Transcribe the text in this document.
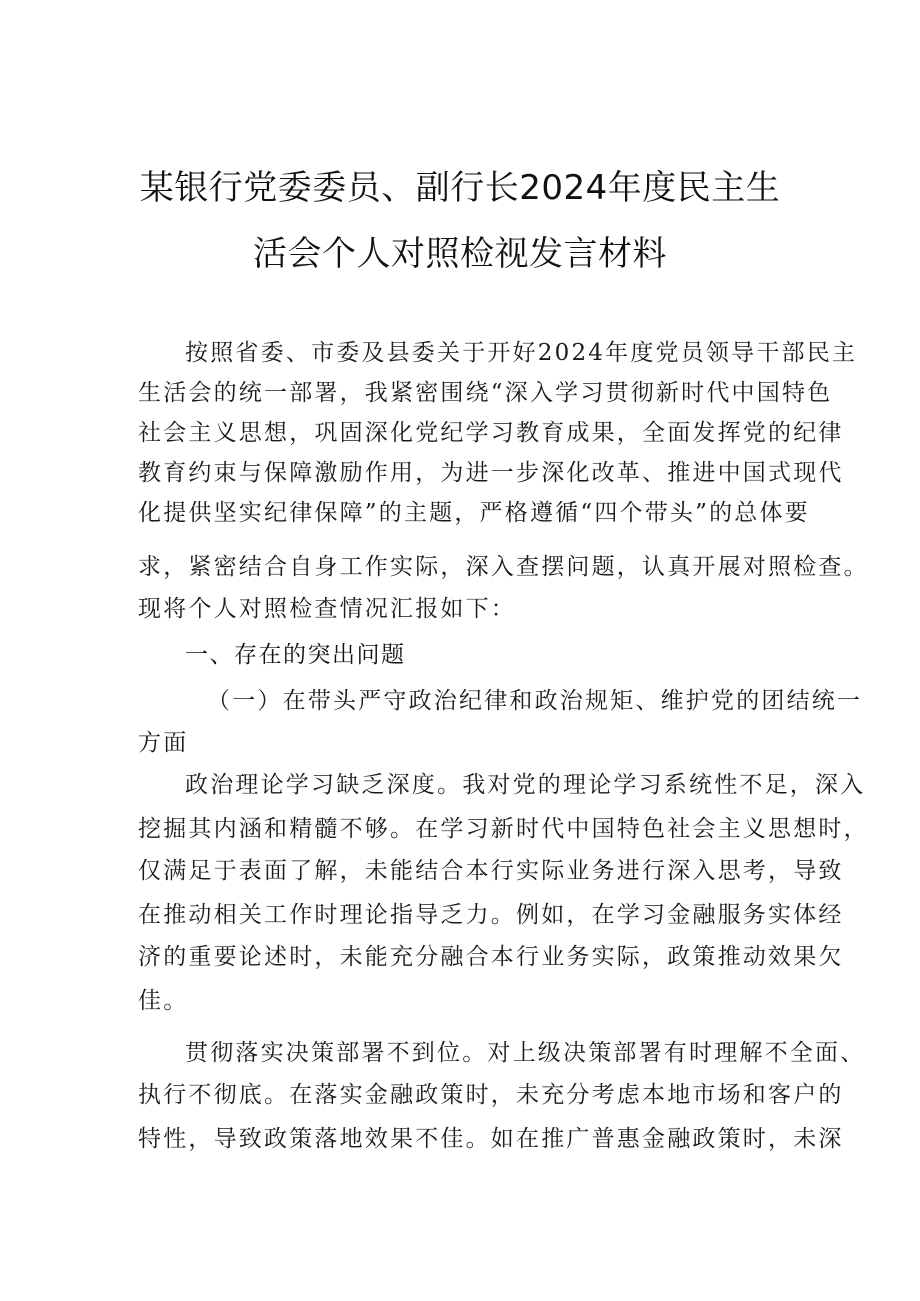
某银行党委委员、副行长2024年度民主生
活会个人对照检视发言材料
按照省委、市委及县委关于开好2024年度党员领导干部民主
生活会的统一部署，我紧密围绕“深入学习贯彻新时代中国特色
社会主义思想，巩固深化党纪学习教育成果，全面发挥党的纪律
教育约束与保障激励作用，为进一步深化改革、推进中国式现代
化提供坚实纪律保障”的主题，严格遵循“四个带头”的总体要
求，紧密结合自身工作实际，深入查摆问题，认真开展对照检查。
现将个人对照检查情况汇报如下：
一、存在的突出问题
（一）在带头严守政治纪律和政治规矩、维护党的团结统一
方面
政治理论学习缺乏深度。我对党的理论学习系统性不足，深入
挖掘其内涵和精髓不够。在学习新时代中国特色社会主义思想时，
仅满足于表面了解，未能结合本行实际业务进行深入思考，导致
在推动相关工作时理论指导乏力。例如，在学习金融服务实体经
济的重要论述时，未能充分融合本行业务实际，政策推动效果欠
佳。
贯彻落实决策部署不到位。对上级决策部署有时理解不全面、
执行不彻底。在落实金融政策时，未充分考虑本地市场和客户的
特性，导致政策落地效果不佳。如在推广普惠金融政策时，未深
